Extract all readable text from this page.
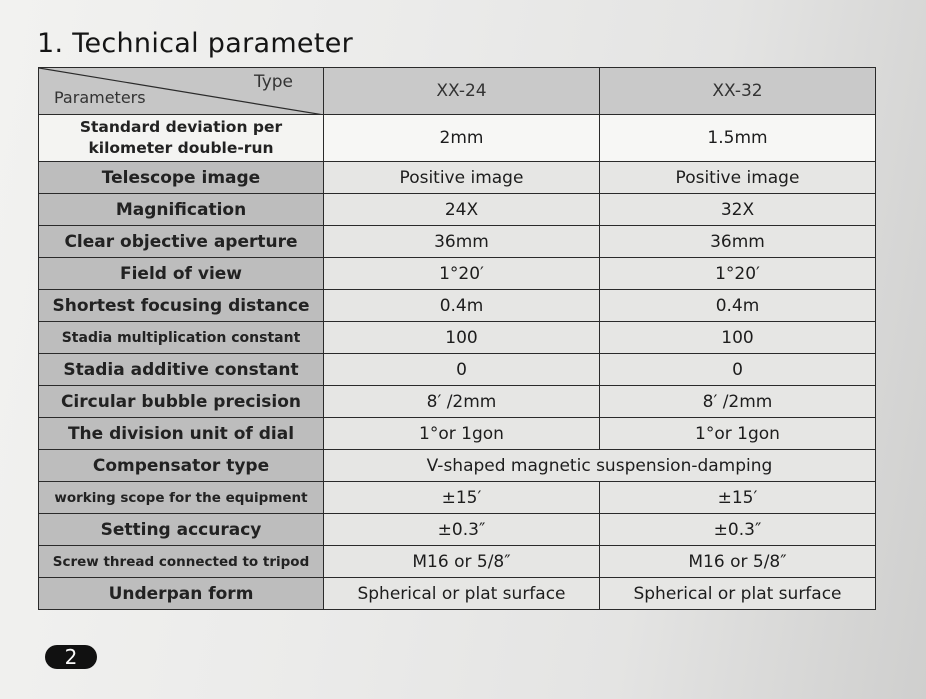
1. Technical parameter
Type
Parameters	XX-24	XX-32

Standard deviation per
kilometer double-run	2mm	1.5mm
Telescope image	Positive image	Positive image
Magnification	24X	32X
Clear objective aperture	36mm	36mm
Field of view	1°20′	1°20′
Shortest focusing distance	0.4m	0.4m
Stadia multiplication constant	100	100
Stadia additive constant	0	0
Circular bubble precision	8′ /2mm	8′ /2mm
The division unit of dial	1°or 1gon	1°or 1gon
Compensator type	V-shaped magnetic suspension-damping	
working scope for the equipment	±15′	±15′
Setting accuracy	±0.3″	±0.3″
Screw thread connected to tripod	M16 or 5/8″	M16 or 5/8″
Underpan form	Spherical or plat surface	Spherical or plat surface
2
